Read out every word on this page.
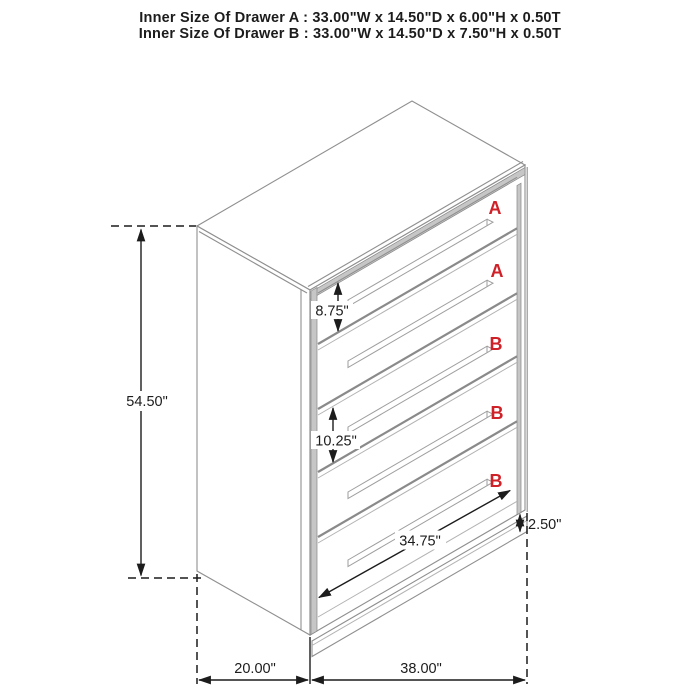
Inner Size Of Drawer A : 33.00"W x 14.50"D x 6.00"H x 0.50T
Inner Size Of Drawer B : 33.00"W x 14.50"D x 7.50"H x 0.50T
A
A
B
B
B
54.50"
8.75"
10.25"
34.75"
2.50"
20.00"	38.00"
